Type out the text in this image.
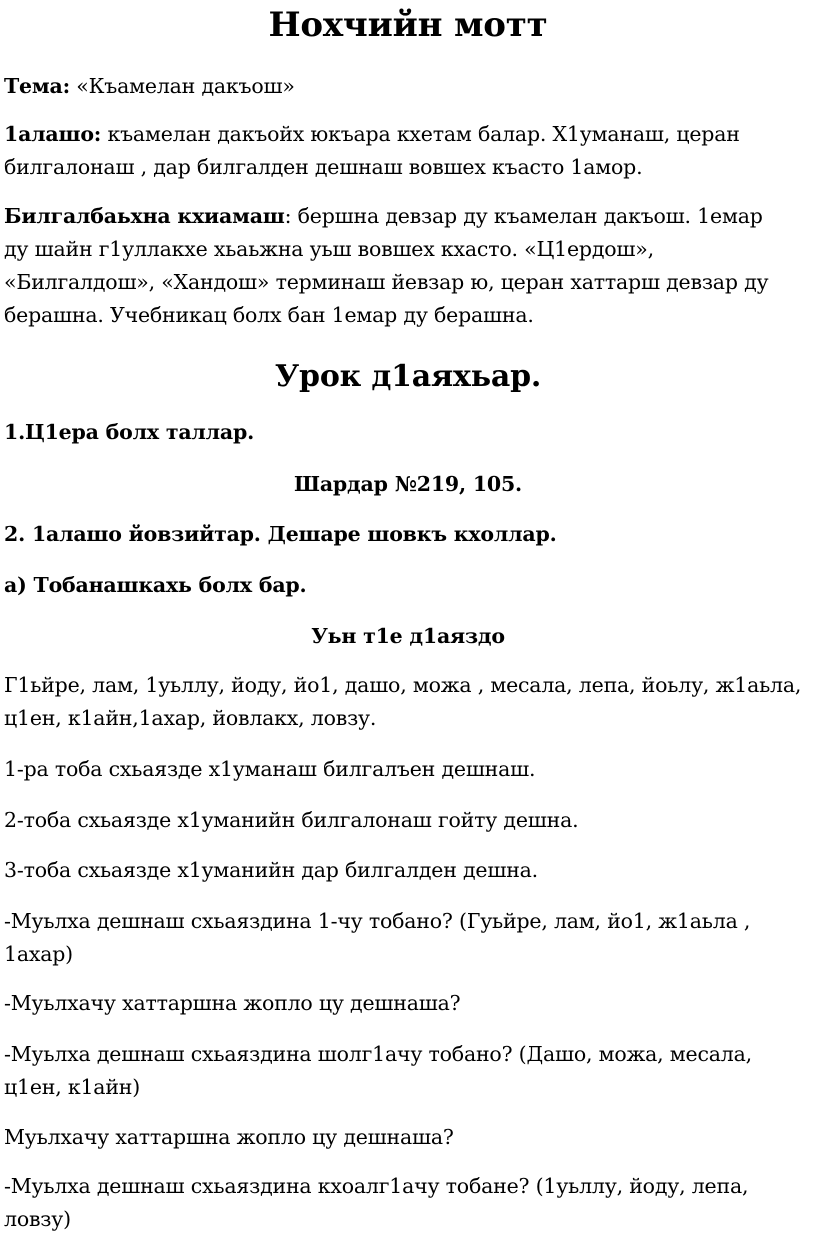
Нохчийн мотт

Тема: «Къамелан дакъош»

1алашо: къамелан дакъойх юкъара кхетам балар. Х1уманаш, церан

билгалонаш , дар билгалден дешнаш вовшех къасто 1амор.

Билгалбаьхна кхиамаш: бершна девзар ду къамелан дакъош. 1емар

ду шайн г1уллакхе хьаьжна уьш вовшех кхасто. «Ц1ердош»,

«Билгалдош», «Хандош» терминаш йевзар ю, церан хаттарш девзар ду

берашна. Учебникац болх бан 1емар ду берашна.

Урок д1аяхьар.

1.Ц1ера болх таллар.

Шардар №219, 105.

2. 1алашо йовзийтар. Дешаре шовкъ кхоллар.

а) Тобанашкахь болх бар.

Уьн т1е д1аяздо

Г1ьйре, лам, 1уьллу, йоду, йо1, дашо, можа , месала, лепа, йоьлу, ж1аьла,

ц1ен, к1айн,1ахар, йовлакх, ловзу.

1-ра тоба схьаязде х1уманаш билгалъен дешнаш.

2-тоба схьаязде х1уманийн билгалонаш гойту дешна.

3-тоба схьаязде х1уманийн дар билгалден дешна.

-Муьлха дешнаш схьаяздина 1-чу тобано? (Гуьйре, лам, йо1, ж1аьла ,

1ахар)

-Муьлхачу хаттаршна жопло цу дешнаша?

-Муьлха дешнаш схьаяздина шолг1ачу тобано? (Дашо, можа, месала,

ц1ен, к1айн)

Муьлхачу хаттаршна жопло цу дешнаша?

-Муьлха дешнаш схьаяздина кхоалг1ачу тобане? (1уьллу, йоду, лепа,

ловзу)
